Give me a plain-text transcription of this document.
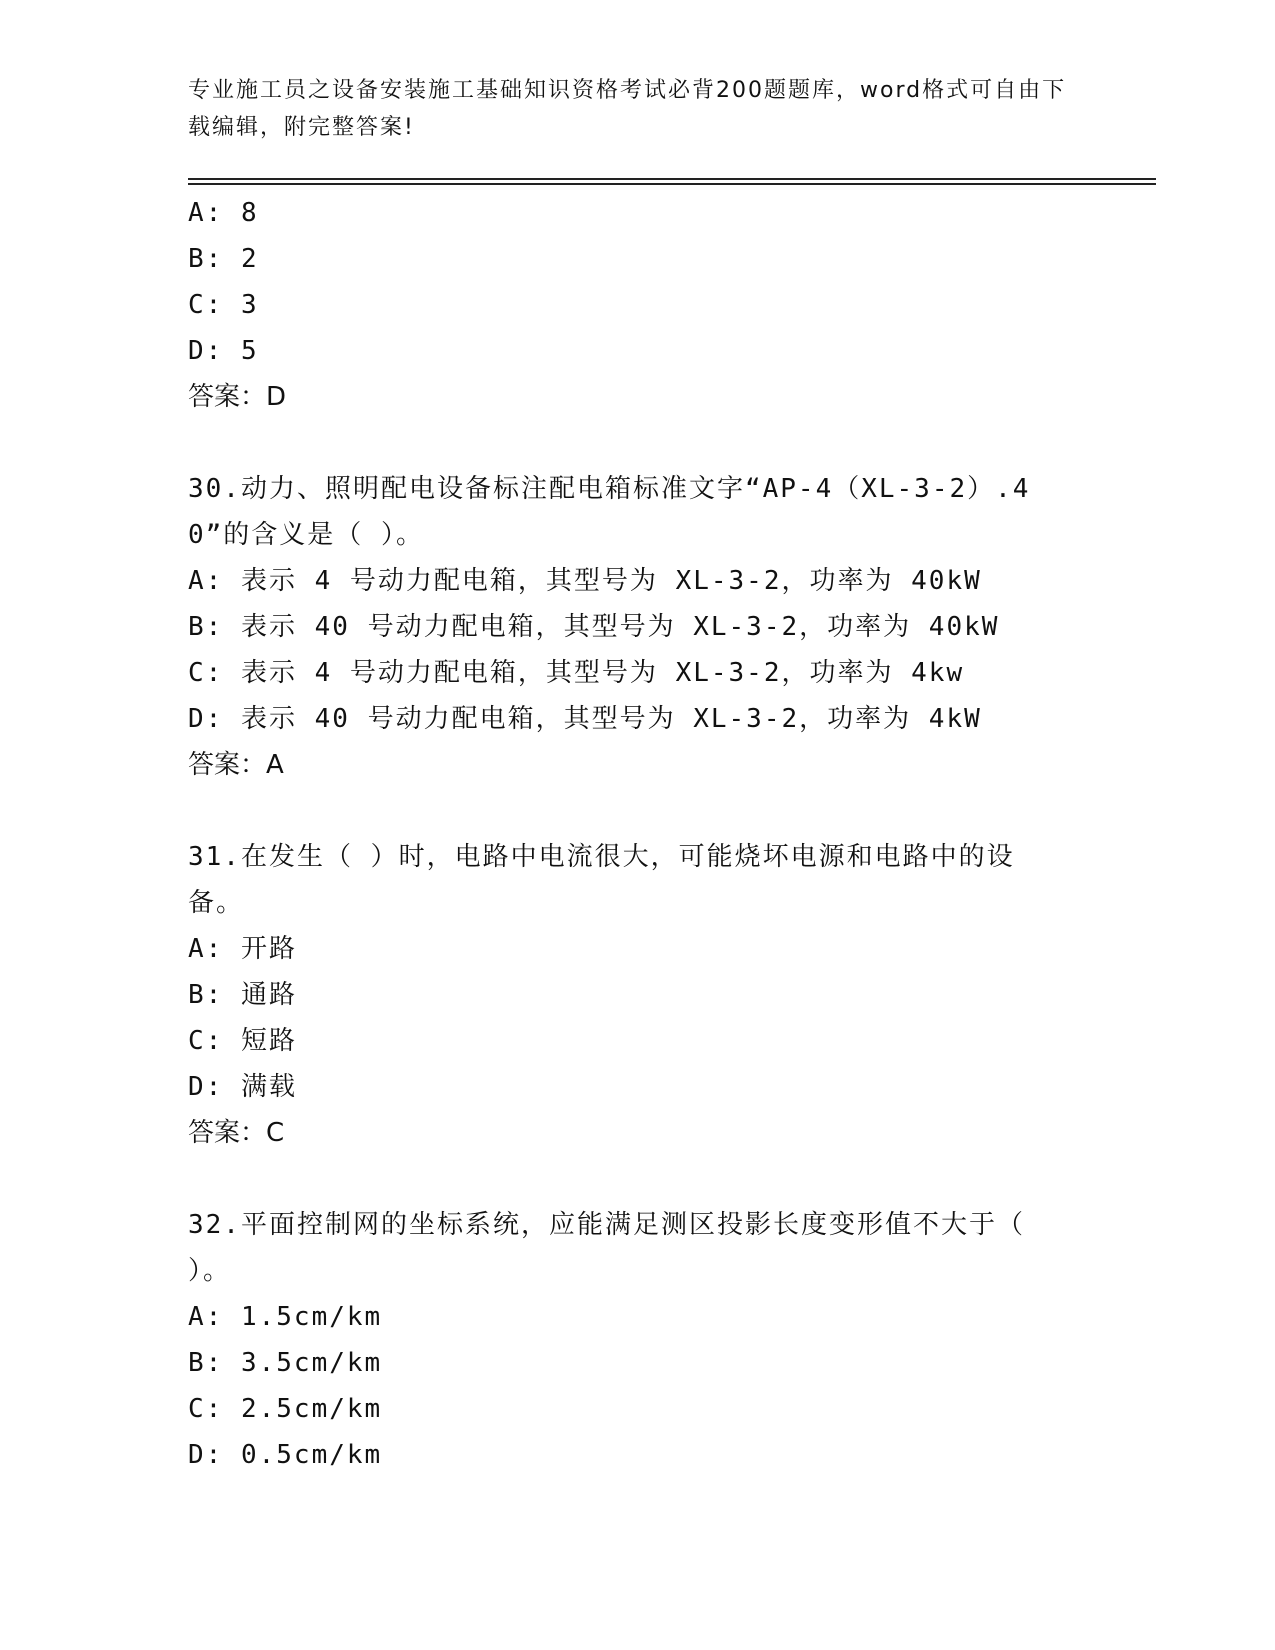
专业施工员之设备安装施工基础知识资格考试必背200题题库，word格式可自由下载编辑，附完整答案!
A: 8
B: 2
C: 3
D: 5
答案：D
30.动力、照明配电设备标注配电箱标准文字“AP-4（XL-3-2）.40”的含义是（ ）。
A: 表示 4 号动力配电箱，其型号为 XL-3-2，功率为 40kW
B: 表示 40 号动力配电箱，其型号为 XL-3-2，功率为 40kW
C: 表示 4 号动力配电箱，其型号为 XL-3-2，功率为 4kw
D: 表示 40 号动力配电箱，其型号为 XL-3-2，功率为 4kW
答案：A
31.在发生（ ）时，电路中电流很大，可能烧坏电源和电路中的设备。
A: 开路
B: 通路
C: 短路
D: 满载
答案：C
32.平面控制网的坐标系统，应能满足测区投影长度变形值不大于（ ）。
A: 1.5cm/km
B: 3.5cm/km
C: 2.5cm/km
D: 0.5cm/km
